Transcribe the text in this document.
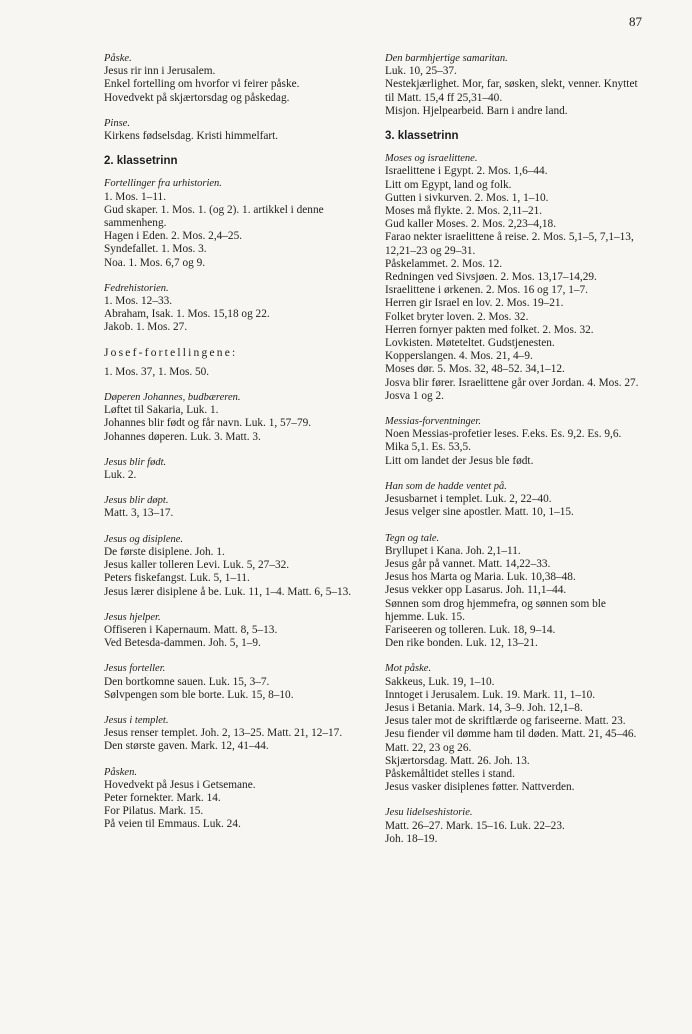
87
Påske.
Jesus rir inn i Jerusalem.
Enkel fortelling om hvorfor vi feirer påske.
Hovedvekt på skjærtorsdag og påskedag.
Pinse.
Kirkens fødselsdag. Kristi himmelfart.
2. klassetrinn
Fortellinger fra urhistorien.
1. Mos. 1–11.
Gud skaper. 1. Mos. 1. (og 2). 1. artikkel i denne sammenheng.
Hagen i Eden. 2. Mos. 2,4–25.
Syndefallet. 1. Mos. 3.
Noa. 1. Mos. 6,7 og 9.
Fedrehistorien.
1. Mos. 12–33.
Abraham, Isak. 1. Mos. 15,18 og 22.
Jakob. 1. Mos. 27.
Josef-fortellingene:
1. Mos. 37, 1. Mos. 50.
Døperen Johannes, budbæreren.
Løftet til Sakaria, Luk. 1.
Johannes blir født og får navn. Luk. 1, 57–79.
Johannes døperen. Luk. 3. Matt. 3.
Jesus blir født.
Luk. 2.
Jesus blir døpt.
Matt. 3, 13–17.
Jesus og disiplene.
De første disiplene. Joh. 1.
Jesus kaller tolleren Levi. Luk. 5, 27–32.
Peters fiskefangst. Luk. 5, 1–11.
Jesus lærer disiplene å be. Luk. 11, 1–4. Matt. 6, 5–13.
Jesus hjelper.
Offiseren i Kapernaum. Matt. 8, 5–13.
Ved Betesda-dammen. Joh. 5, 1–9.
Jesus forteller.
Den bortkomne sauen. Luk. 15, 3–7.
Sølvpengen som ble borte. Luk. 15, 8–10.
Jesus i templet.
Jesus renser templet. Joh. 2, 13–25. Matt. 21, 12–17.
Den største gaven. Mark. 12, 41–44.
Påsken.
Hovedvekt på Jesus i Getsemane.
Peter fornekter. Mark. 14.
For Pilatus. Mark. 15.
På veien til Emmaus. Luk. 24.
Den barmhjertige samaritan.
Luk. 10, 25–37.
Nestekjærlighet. Mor, far, søsken, slekt, venner. Knyttet til Matt. 15,4 ff 25,31–40.
Misjon. Hjelpearbeid. Barn i andre land.
3. klassetrinn
Moses og israelittene.
Israelittene i Egypt. 2. Mos. 1,6–44.
Litt om Egypt, land og folk.
Gutten i sivkurven. 2. Mos. 1, 1–10.
Moses må flykte. 2. Mos. 2,11–21.
Gud kaller Moses. 2. Mos. 2,23–4,18.
Farao nekter israelittene å reise. 2. Mos. 5,1–5, 7,1–13, 12,21–23 og 29–31.
Påskelammet. 2. Mos. 12.
Redningen ved Sivsjøen. 2. Mos. 13,17–14,29.
Israelittene i ørkenen. 2. Mos. 16 og 17, 1–7.
Herren gir Israel en lov. 2. Mos. 19–21.
Folket bryter loven. 2. Mos. 32.
Herren fornyer pakten med folket. 2. Mos. 32.
Lovkisten. Møteteltet. Gudstjenesten.
Kopperslangen. 4. Mos. 21, 4–9.
Moses dør. 5. Mos. 32, 48–52. 34,1–12.
Josva blir fører. Israelittene går over Jordan. 4. Mos. 27. Josva 1 og 2.
Messias-forventninger.
Noen Messias-profetier leses. F.eks. Es. 9,2. Es. 9,6. Mika 5,1. Es. 53,5.
Litt om landet der Jesus ble født.
Han som de hadde ventet på.
Jesusbarnet i templet. Luk. 2, 22–40.
Jesus velger sine apostler. Matt. 10, 1–15.
Tegn og tale.
Bryllupet i Kana. Joh. 2,1–11.
Jesus går på vannet. Matt. 14,22–33.
Jesus hos Marta og Maria. Luk. 10,38–48.
Jesus vekker opp Lasarus. Joh. 11,1–44.
Sønnen som drog hjemmefra, og sønnen som ble hjemme. Luk. 15.
Fariseeren og tolleren. Luk. 18, 9–14.
Den rike bonden. Luk. 12, 13–21.
Mot påske.
Sakkeus, Luk. 19, 1–10.
Inntoget i Jerusalem. Luk. 19. Mark. 11, 1–10.
Jesus i Betania. Mark. 14, 3–9. Joh. 12,1–8.
Jesus taler mot de skriftlærde og fariseerne. Matt. 23.
Jesu fiender vil dømme ham til døden. Matt. 21, 45–46. Matt. 22, 23 og 26.
Skjærtorsdag. Matt. 26. Joh. 13.
Påskemåltidet stelles i stand.
Jesus vasker disiplenes føtter. Nattverden.
Jesu lidelseshistorie.
Matt. 26–27. Mark. 15–16. Luk. 22–23.
Joh. 18–19.
